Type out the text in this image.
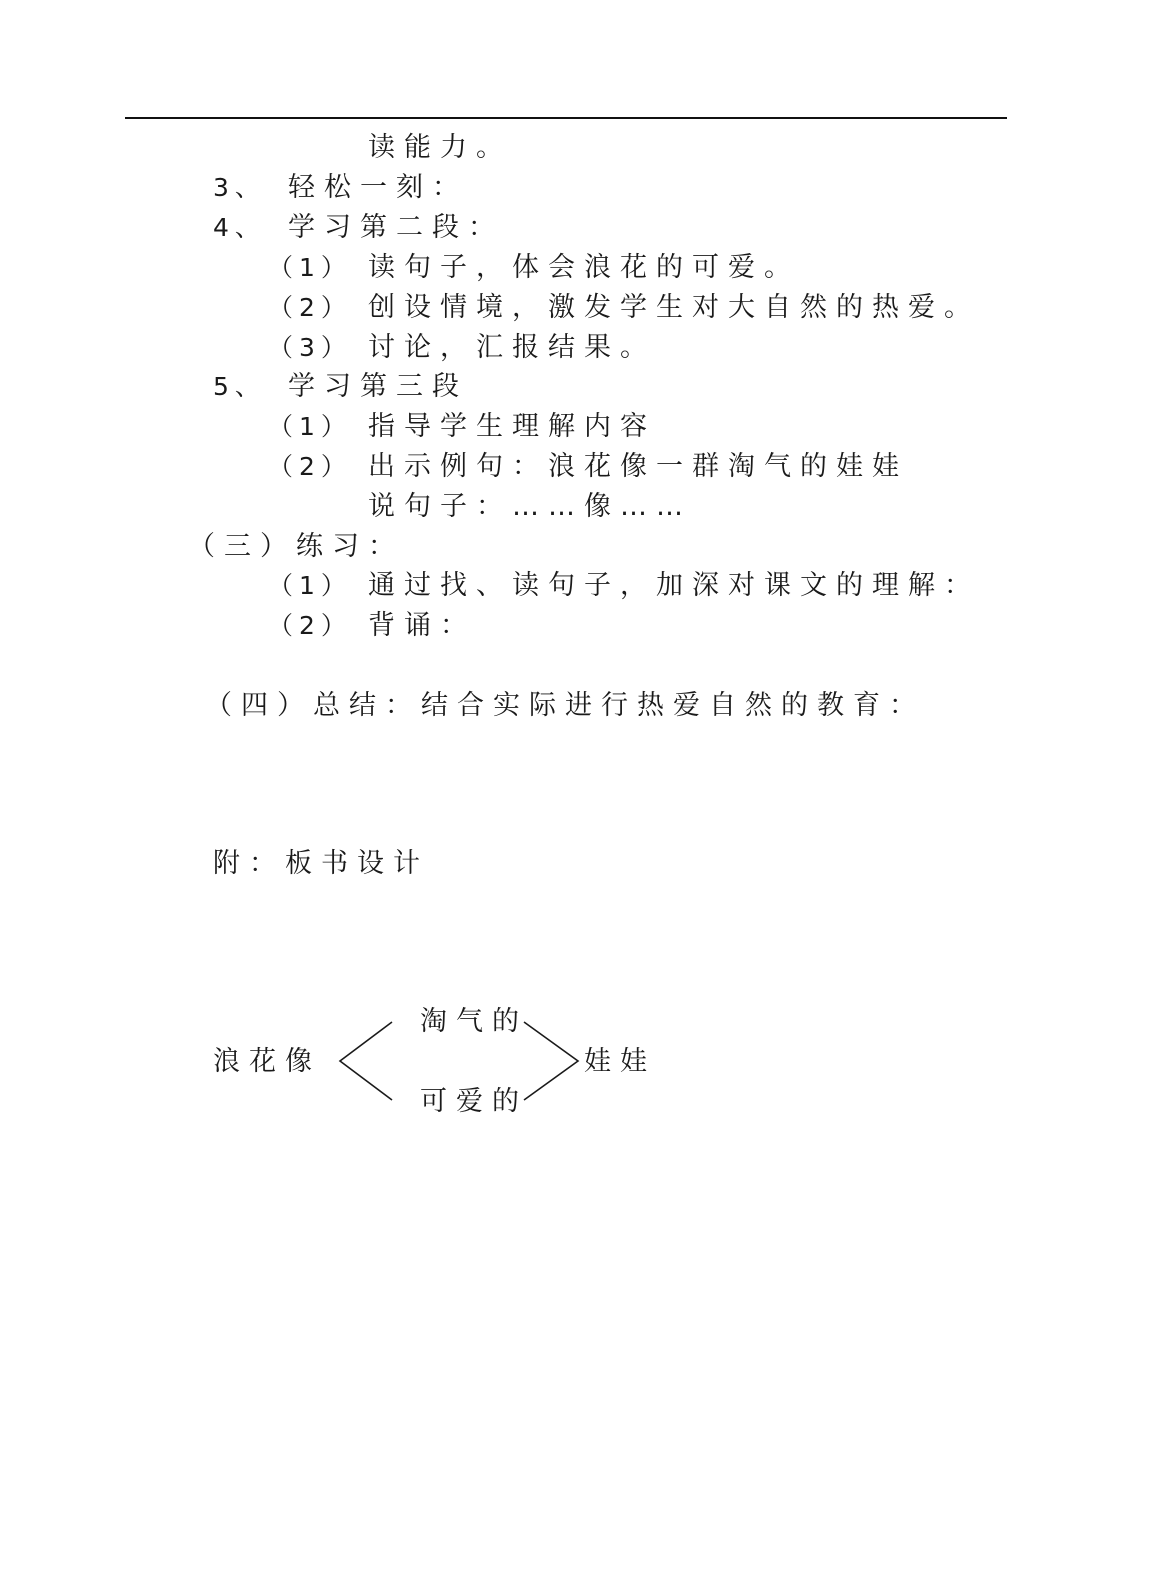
读能力。
3、 轻松一刻：
4、 学习第二段：
（1） 读句子，体会浪花的可爱。
（2） 创设情境，激发学生对大自然的热爱。
（3） 讨论，汇报结果。
5、 学习第三段
（1） 指导学生理解内容
（2） 出示例句：浪花像一群淘气的娃娃
说句子：……像……
（三）练习：
（1） 通过找、读句子，加深对课文的理解：
（2） 背诵：
（四）总结：结合实际进行热爱自然的教育：
附：板书设计
浪花像
淘气的
可爱的
娃娃
